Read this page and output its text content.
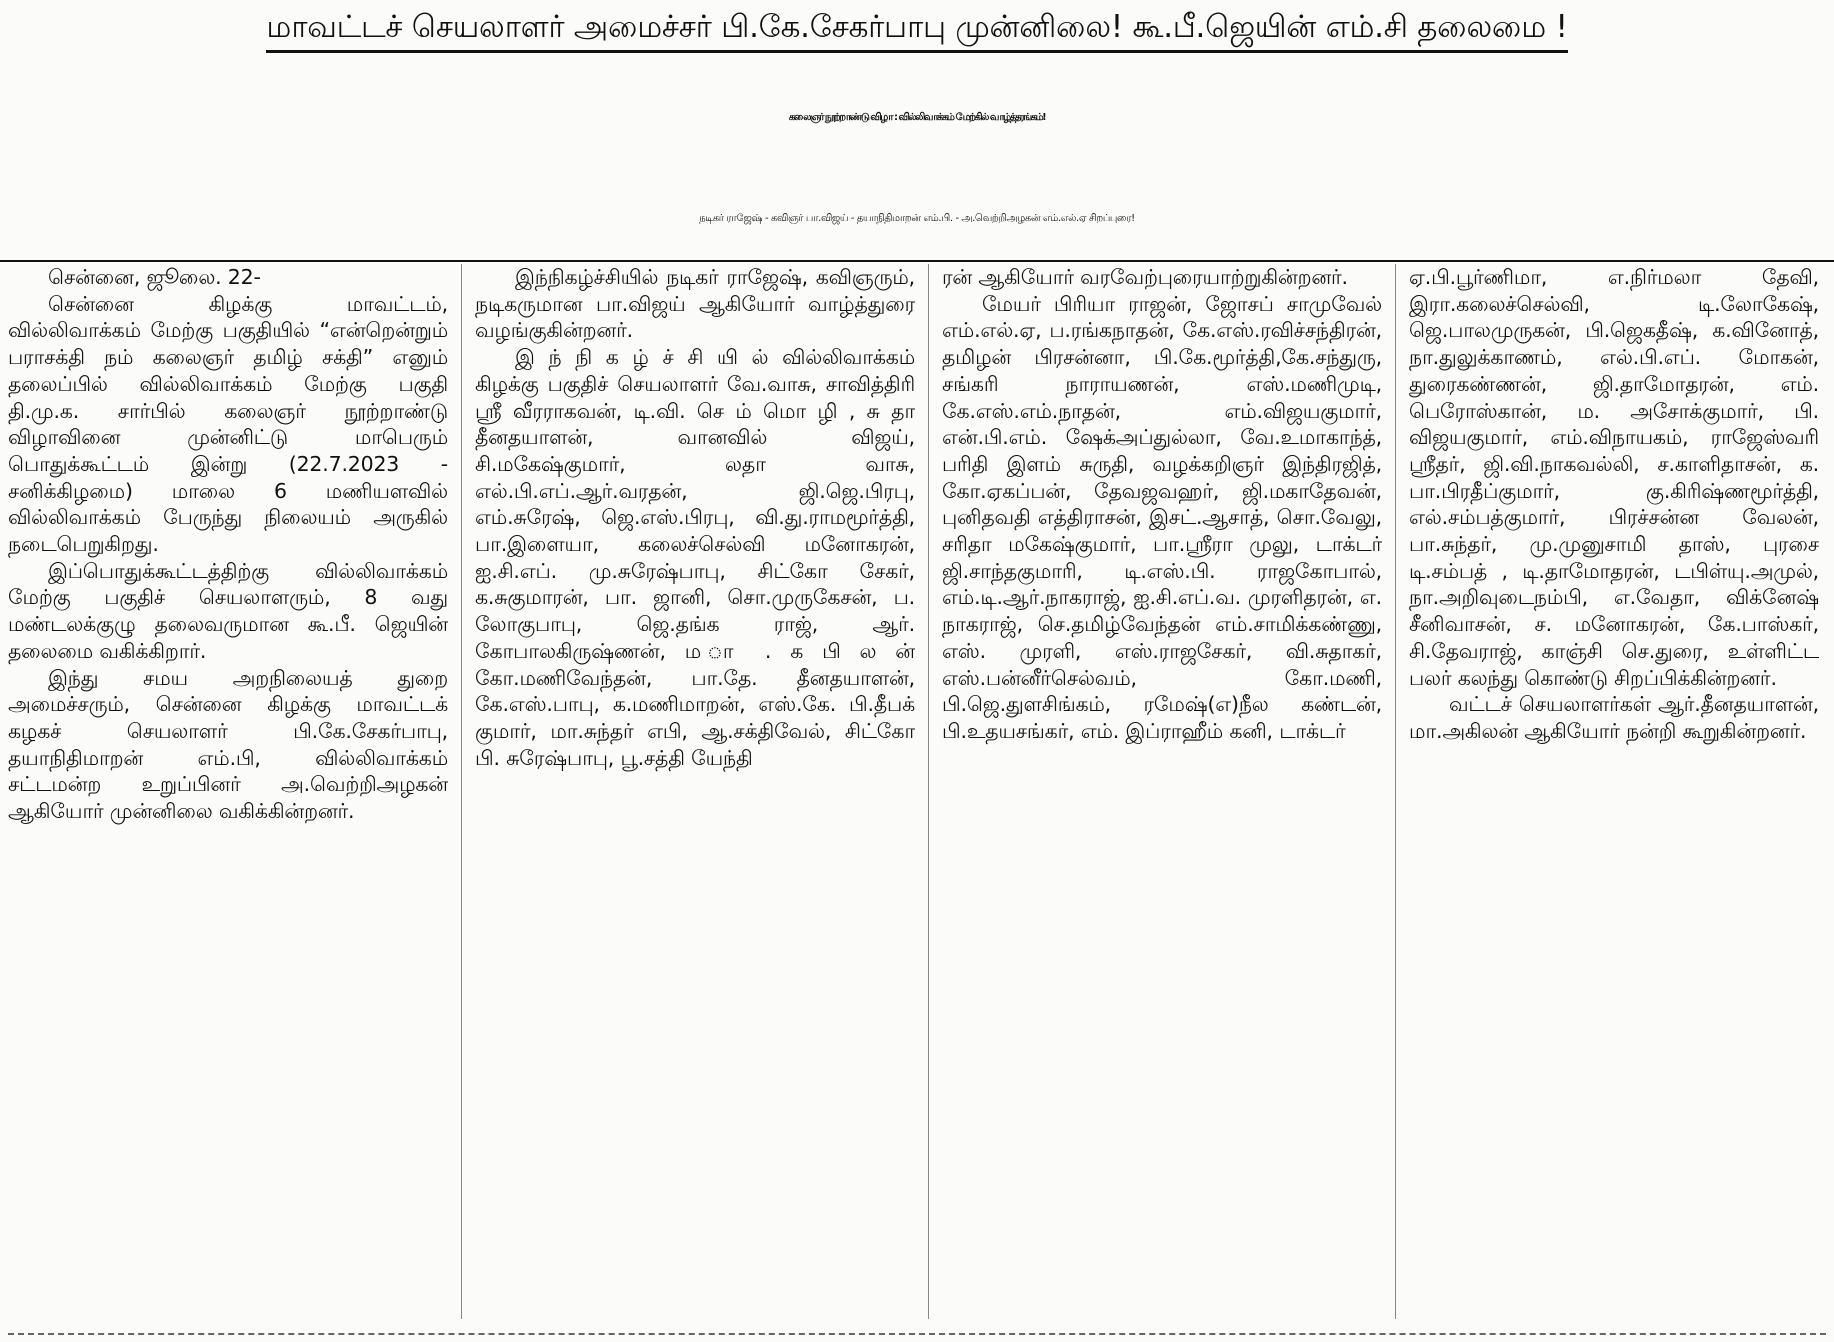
மாவட்டச் செயலாளர் அமைச்சர் பி.கே.சேகர்பாபு முன்னிலை! கூ.பீ.ஜெயின் எம்.சி தலைமை !
கலைஞர் நூற்றாண்டு விழா : வில்லிவாக்கம் மேற்கில் வாழ்த்தரங்கம்!
நடிகர் ராஜேஷ் - கவிஞர் பா.விஜய் - தயாநிதிமாறன் எம்.பி. - அ.வெற்றிஅழகன் எம்.எல்.ஏ சிறப்புரை!

சென்னை, ஜூலை. 22-

சென்னை கிழக்கு மாவட்டம், வில்லிவாக்கம் மேற்கு பகுதியில் “என்றென்றும் பராசக்தி நம் கலைஞர் தமிழ் சக்தி” எனும் தலைப்பில் வில்லிவாக்கம் மேற்கு பகுதி தி.மு.க. சார்பில் கலைஞர் நூற்றாண்டு விழாவினை முன்னிட்டு மாபெரும் பொதுக்கூட்டம் இன்று (22.7.2023 - சனிக்கிழமை) மாலை 6 மணியளவில் வில்லிவாக்கம் பேருந்து நிலையம் அருகில் நடைபெறுகிறது.

இப்பொதுக்கூட்டத்திற்கு வில்லிவாக்கம் மேற்கு பகுதிச் செயலாளரும், 8 வது மண்டலக்குழு தலைவருமான கூ.பீ. ஜெயின் தலைமை வகிக்கிறார்.

இந்து சமய அறநிலையத் துறை அமைச்சரும், சென்னை கிழக்கு மாவட்டக் கழகச் செயலாளர் பி.கே.சேகர்பாபு, தயாநிதிமாறன் எம்.பி, வில்லிவாக்கம் சட்டமன்ற உறுப்பினர் அ.வெற்றிஅழகன் ஆகியோர் முன்னிலை வகிக்கின்றனர்.

இந்நிகழ்ச்சியில் நடிகர் ராஜேஷ், கவிஞரும், நடிகருமான பா.விஜய் ஆகியோர் வாழ்த்துரை வழங்குகின்றனர்.

இ ந் நி க ழ் ச் சி யி ல் வில்லிவாக்கம் கிழக்கு பகுதிச் செயலாளர் வே.வாசு, சாவித்திரி ஸ்ரீ வீரராகவன், டி.வி. செ ம் மொ ழி , சு தா தீனதயாளன், வானவில் விஜய், சி.மகேஷ்குமார், லதா வாசு, எல்.பி.எப்.ஆர்.வரதன், ஜி.ஜெ.பிரபு, எம்.சுரேஷ், ஜெ.எஸ்.பிரபு, வி.து.ராமமூர்த்தி, பா.இளையா, கலைச்செல்வி மனோகரன், ஐ.சி.எப். மு.சுரேஷ்பாபு, சிட்கோ சேகர், க.சுகுமாரன், பா. ஜானி, சொ.முருகேசன், ப. லோகுபாபு, ஜெ.தங்க ராஜ், ஆர். கோபாலகிருஷ்ணன், ம ா . க பி ல ன் கோ.மணிவேந்தன், பா.தே. தீனதயாளன், கே.எஸ்.பாபு, க.மணிமாறன், எஸ்.கே. பி.தீபக் குமார், மா.சுந்தர் எபி, ஆ.சக்திவேல், சிட்கோ பி. சுரேஷ்பாபு, பூ.சத்தி யேந்தி

ரன் ஆகியோர் வரவேற்புரையாற்றுகின்றனர்.

மேயர் பிரியா ராஜன், ஜோசப் சாமுவேல் எம்.எல்.ஏ, ப.ரங்கநாதன், கே.எஸ்.ரவிச்சந்திரன், தமிழன் பிரசன்னா, பி.கே.மூர்த்தி,கே.சந்துரு, சங்கரி நாராயணன், எஸ்.மணிமுடி, கே.எஸ்.எம்.நாதன், எம்.விஜயகுமார், என்.பி.எம். ஷேக்அப்துல்லா, வே.உமாகாந்த், பரிதி இளம் சுருதி, வழக்கறிஞர் இந்திரஜித், கோ.ஏகப்பன், தேவஜவஹர், ஜி.மகாதேவன், புனிதவதி எத்திராசன், இசட்.ஆசாத், சொ.வேலு, சரிதா மகேஷ்குமார், பா.ஸ்ரீரா முலு, டாக்டர் ஜி.சாந்தகுமாரி, டி.எஸ்.பி. ராஜகோபால், எம்.டி.ஆர்.நாகராஜ், ஐ.சி.எப்.வ. முரளிதரன், எ. நாகராஜ், செ.தமிழ்வேந்தன் எம்.சாமிக்கண்ணு, எஸ். முரளி, எஸ்.ராஜசேகர், வி.சுதாகர், எஸ்.பன்னீர்செல்வம், கோ.மணி, பி.ஜெ.துளசிங்கம், ரமேஷ்(எ)நீல கண்டன், பி.உதயசங்கர், எம். இப்ராஹீம் கனி, டாக்டர்

ஏ.பி.பூர்ணிமா, எ.நிர்மலா தேவி, இரா.கலைச்செல்வி, டி.லோகேஷ், ஜெ.பாலமுருகன், பி.ஜெகதீஷ், க.வினோத், நா.துலுக்காணம், எல்.பி.எப். மோகன், துரைகண்ணன், ஜி.தாமோதரன், எம். பெரோஸ்கான், ம. அசோக்குமார், பி. விஜயகுமார், எம்.விநாயகம், ராஜேஸ்வரி ஸ்ரீதர், ஜி.வி.நாகவல்லி, ச.காளிதாசன், க. பா.பிரதீப்குமார், கு.கிரிஷ்ணமூர்த்தி, எல்.சம்பத்குமார், பிரச்சன்ன வேலன், பா.சுந்தர், மு.முனுசாமி தாஸ், புரசை டி.சம்பத் , டி.தாமோதரன், டபிள்யு.அமுல், நா.அறிவுடைநம்பி, எ.வேதா, விக்னேஷ் சீனிவாசன், ச. மனோகரன், கே.பாஸ்கர், சி.தேவராஜ், காஞ்சி செ.துரை, உள்ளிட்ட பலர் கலந்து கொண்டு சிறப்பிக்கின்றனர்.

வட்டச் செயலாளர்கள் ஆர்.தீனதயாளன், மா.அகிலன் ஆகியோர் நன்றி கூறுகின்றனர்.
